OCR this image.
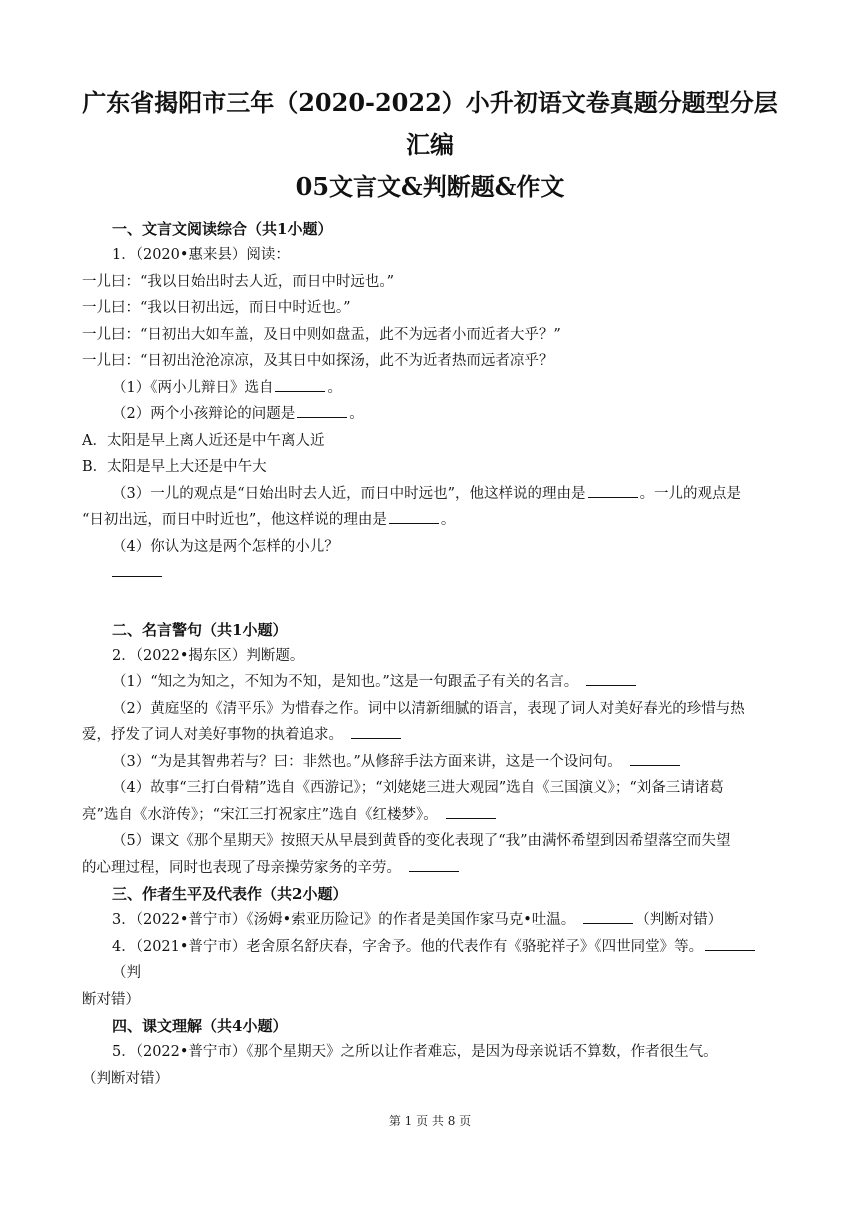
广东省揭阳市三年（2020-2022）小升初语文卷真题分题型分层汇编

05文言文&判断题&作文

一、文言文阅读综合（共1小题）

1．（2020•惠来县）阅读：

一儿曰：“我以日始出时去人近，而日中时远也。”

一儿曰：“我以日初出远，而日中时近也。”

一儿曰：“日初出大如车盖，及日中则如盘盂，此不为远者小而近者大乎？”

一儿曰：“日初出沧沧凉凉，及其日中如探汤，此不为近者热而远者凉乎？

（1）《两小儿辩日》选自	。

（2）两个小孩辩论的问题是	。

A．太阳是早上离人近还是中午离人近

B．太阳是早上大还是中午大

（3）一儿的观点是“日始出时去人近，而日中时远也”，他这样说的理由是	。一儿的观点是

“日初出远，而日中时近也”，他这样说的理由是	。

（4）你认为这是两个怎样的小儿？

二、名言警句（共1小题）

2．（2022•揭东区）判断题。

（1）“知之为知之，不知为不知，是知也。”这是一句跟孟子有关的名言。

（2）黄庭坚的《清平乐》为惜春之作。词中以清新细腻的语言，表现了词人对美好春光的珍惜与热

爱，抒发了词人对美好事物的执着追求。

（3）“为是其智弗若与？曰：非然也。”从修辞手法方面来讲，这是一个设问句。

（4）故事“三打白骨精”选自《西游记》；“刘姥姥三进大观园”选自《三国演义》；“刘备三请诸葛

亮”选自《水浒传》；“宋江三打祝家庄”选自《红楼梦》。

（5）课文《那个星期天》按照天从早晨到黄昏的变化表现了“我”由满怀希望到因希望落空而失望

的心理过程，同时也表现了母亲操劳家务的辛劳。

三、作者生平及代表作（共2小题）

3．（2022•普宁市）《汤姆•索亚历险记》的作者是美国作家马克•吐温。	（判断对错）

4．（2021•普宁市）老舍原名舒庆春，字舍予。他的代表作有《骆驼祥子》《四世同堂》等。（判

断对错）

四、课文理解（共4小题）

5．（2022•普宁市）《那个星期天》之所以让作者难忘，是因为母亲说话不算数，作者很生气。

（判断对错）

第 1 页 共 8 页
